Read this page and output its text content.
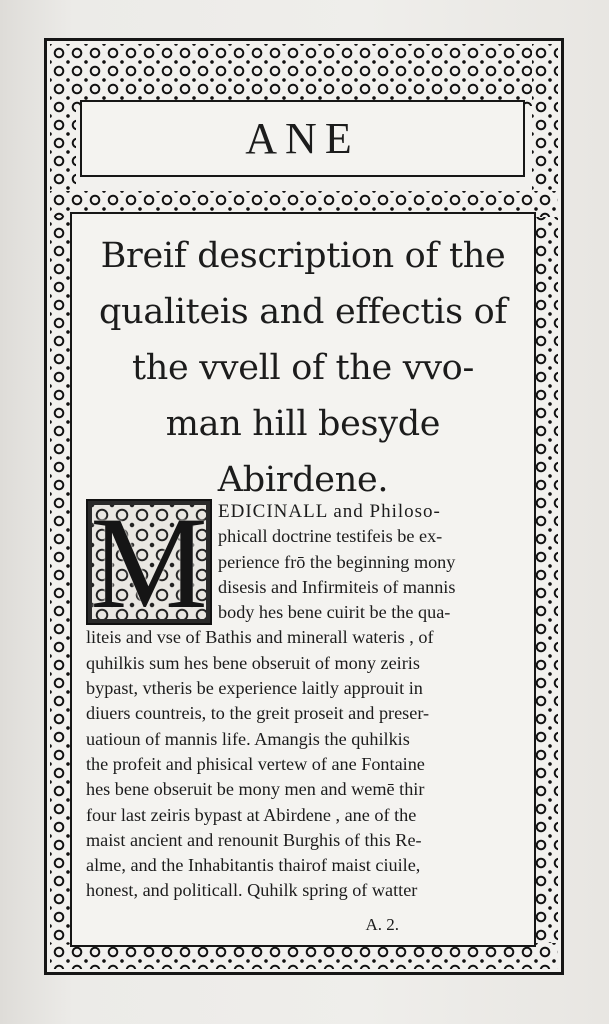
ANE
Breif description of the
qualiteis and effectis of
the vvell of the vvo-
man hill besyde
Abirdene.
M EDICINALL and Philoso-
phicall doctrine testifeis be ex-
perience frō the beginning mony
disesis and Infirmiteis of mannis
body hes bene cuirit be the qua-
liteis and vse of Bathis and minerall wateris , of
quhilkis sum hes bene obseruit of mony zeiris
bypast, vtheris be experience laitly approuit in
diuers countreis, to the greit proseit and preser-
uatioun of mannis life. Amangis the quhilkis
the profeit and phisical vertew of ane Fontaine
hes bene obseruit be mony men and wemē thir
four last zeiris bypast at Abirdene , ane of the
maist ancient and renounit Burghis of this Re-
alme, and the Inhabitantis thairof maist ciuile,
honest, and politicall. Quhilk spring of watter
A. 2.
